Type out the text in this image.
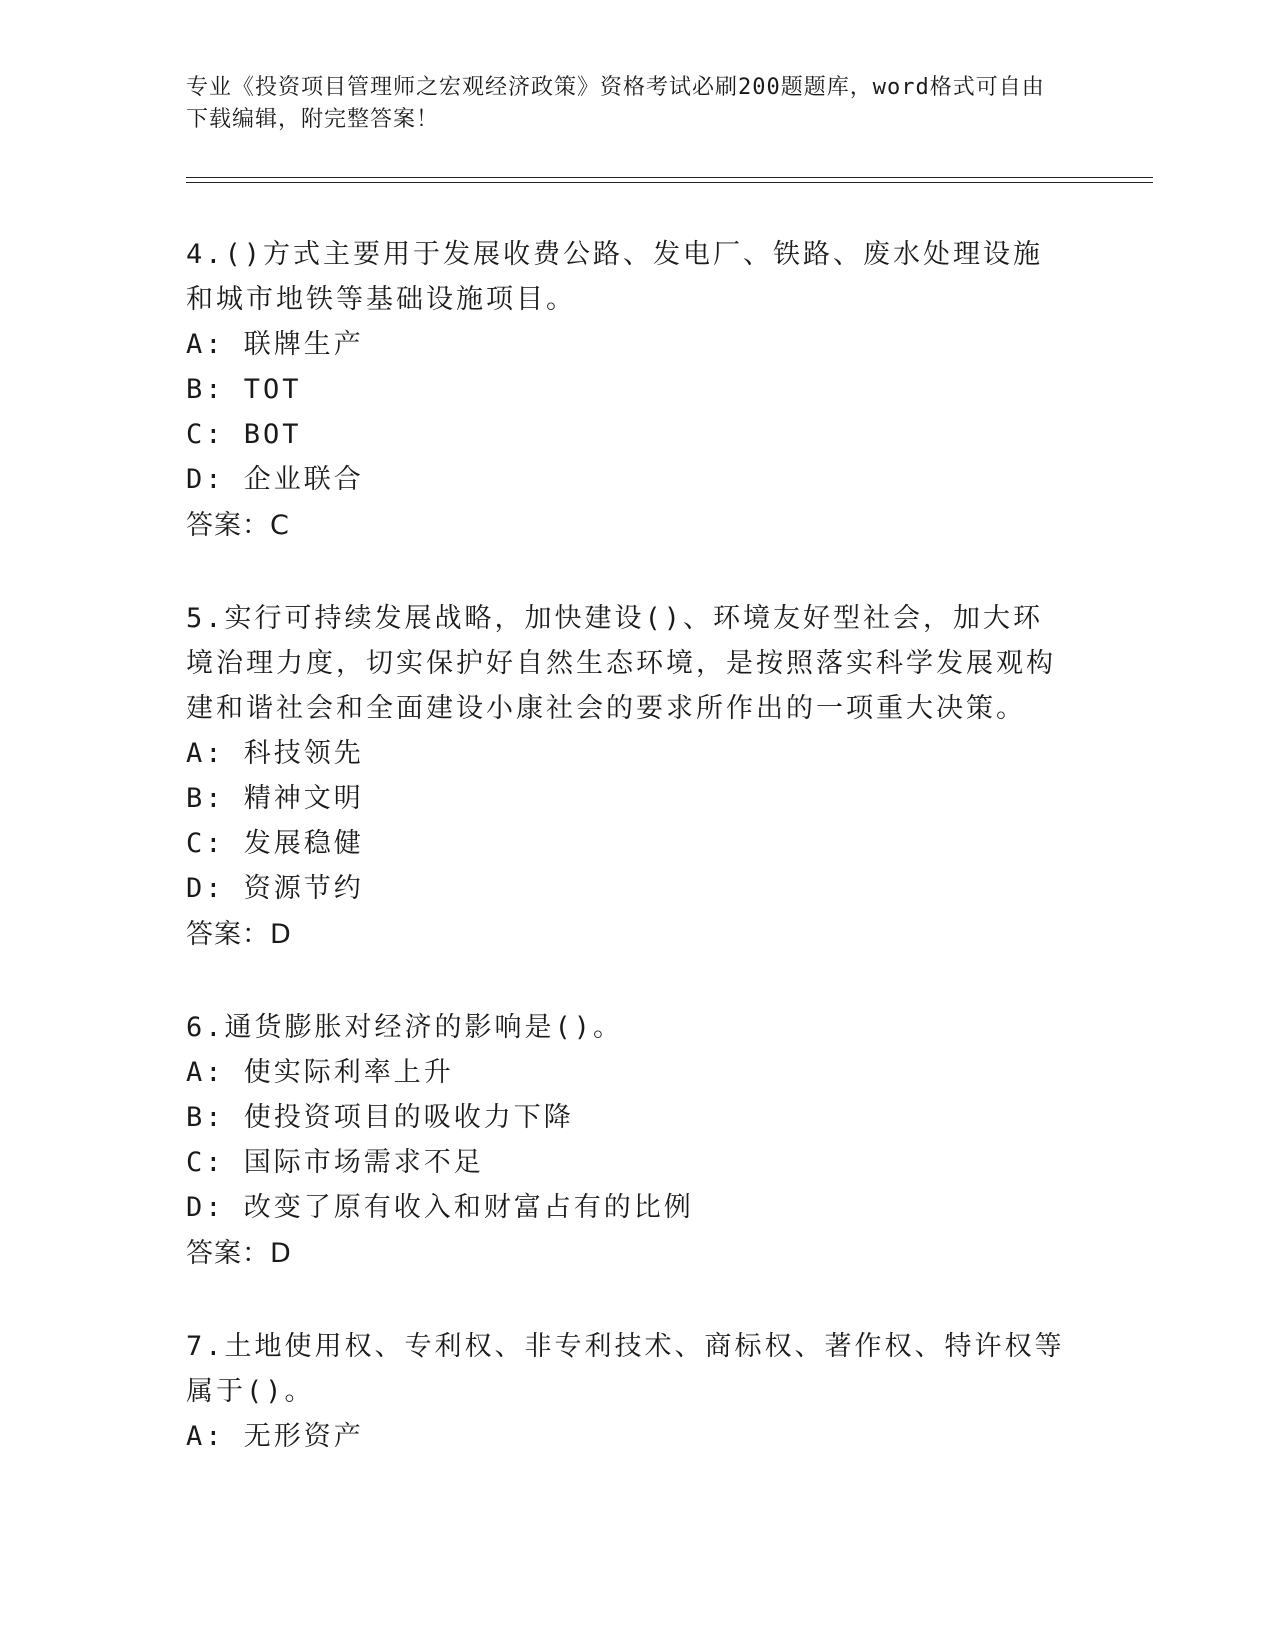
专业《投资项目管理师之宏观经济政策》资格考试必刷200题题库，word格式可自由下载编辑，附完整答案！

4.()方式主要用于发展收费公路、发电厂、铁路、废水处理设施和城市地铁等基础设施项目。

A: 联牌生产

B: TOT

C: BOT

D: 企业联合

答案：C

5.实行可持续发展战略，加快建设()、环境友好型社会，加大环境治理力度，切实保护好自然生态环境，是按照落实科学发展观构建和谐社会和全面建设小康社会的要求所作出的一项重大决策。

A: 科技领先

B: 精神文明

C: 发展稳健

D: 资源节约

答案：D

6.通货膨胀对经济的影响是()。

A: 使实际利率上升

B: 使投资项目的吸收力下降

C: 国际市场需求不足

D: 改变了原有收入和财富占有的比例

答案：D

7.土地使用权、专利权、非专利技术、商标权、著作权、特许权等属于()。

A: 无形资产
